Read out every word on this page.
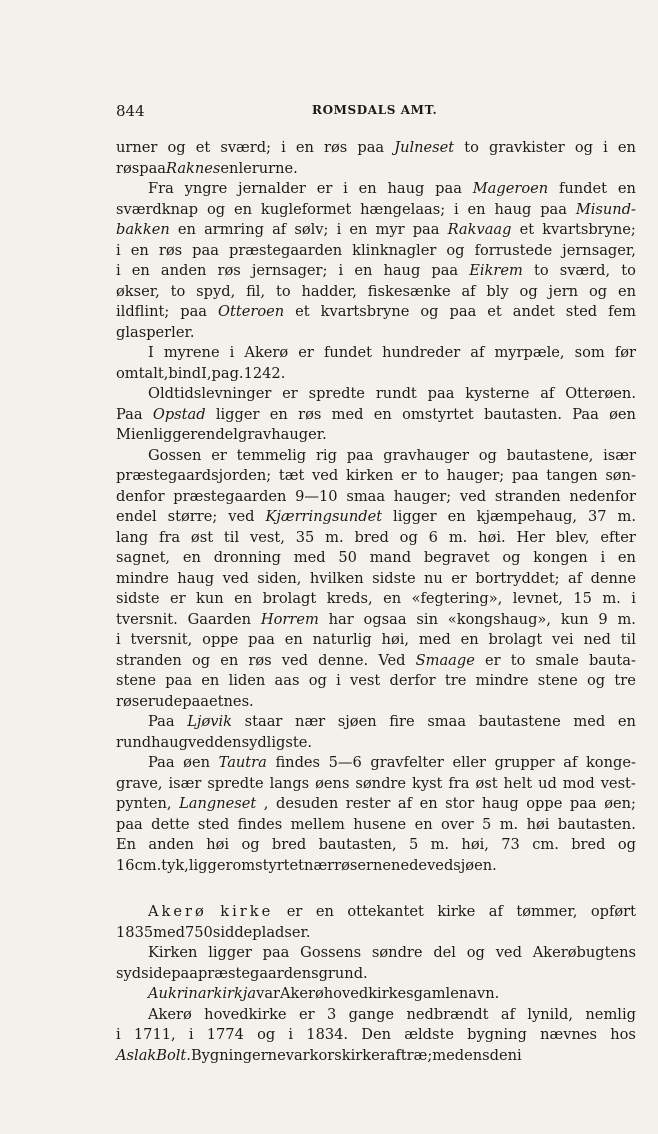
844	ROMSDALS AMT.
urner og et sværd; i en røs paa Julneset to gravkister og i en
røs paa Raknes en lerurne.
Fra yngre jernalder er i en haug paa Mageroen fundet en
sværdknap og en kugleformet hængelaas; i en haug paa Misund-
bakken en armring af sølv; i en myr paa Rakvaag et kvartsbryne;
i en røs paa præstegaarden klinknagler og forrustede jernsager,
i en anden røs jernsager; i en haug paa Eikrem to sværd, to
økser, to spyd, fil, to hadder, fiskesænke af bly og jern og en
ildflint; paa Otteroen et kvartsbryne og paa et andet sted fem
glasperler.
I myrene i Akerø er fundet hundreder af myrpæle, som før
omtalt, bind I, pag. 1242.
Oldtidslevninger er spredte rundt paa kysterne af Otterøen.
Paa Opstad ligger en røs med en omstyrtet bautasten. Paa øen
Mien ligger endel gravhauger.
Gossen er temmelig rig paa gravhauger og bautastene, især
præstegaardsjorden; tæt ved kirken er to hauger; paa tangen søn-
denfor præstegaarden 9—10 smaa hauger; ved stranden nedenfor
endel større; ved Kjærringsundet ligger en kjæmpehaug, 37 m.
lang fra øst til vest, 35 m. bred og 6 m. høi. Her blev, efter
sagnet, en dronning med 50 mand begravet og kongen i en
mindre haug ved siden, hvilken sidste nu er bortryddet; af denne
sidste er kun en brolagt kreds, en «fegtering», levnet, 15 m. i
tversnit. Gaarden Horrem har ogsaa sin «kongshaug», kun 9 m.
i tversnit, oppe paa en naturlig høi, med en brolagt vei ned til
stranden og en røs ved denne. Ved Smaage er to smale bauta-
stene paa en liden aas og i vest derfor tre mindre stene og tre
røser ude paa et nes.
Paa Ljøvik staar nær sjøen fire smaa bautastene med en
rundhaug ved den sydligste.
Paa øen Tautra findes 5—6 gravfelter eller grupper af konge-
grave, især spredte langs øens søndre kyst fra øst helt ud mod vest-
pynten, Langneset , desuden rester af en stor haug oppe paa øen;
paa dette sted findes mellem husene en over 5 m. høi bautasten.
En anden høi og bred bautasten, 5 m. høi, 73 cm. bred og
16 cm. tyk, ligger omstyrtet nær røserne nede ved sjøen.
Akerø kirke er en ottekantet kirke af tømmer, opført
1835 med 750 siddepladser.
Kirken ligger paa Gossens søndre del og ved Akerøbugtens
sydside paa præstegaardens grund.
Aukrinar kirkja var Akerø hovedkirkes gamle navn.
Akerø hovedkirke er 3 gange nedbrændt af lynild, nemlig
i 1711, i 1774 og i 1834. Den ældste bygning nævnes hos
Aslak Bolt. Bygningerne var korskirker af træ; medens den i
